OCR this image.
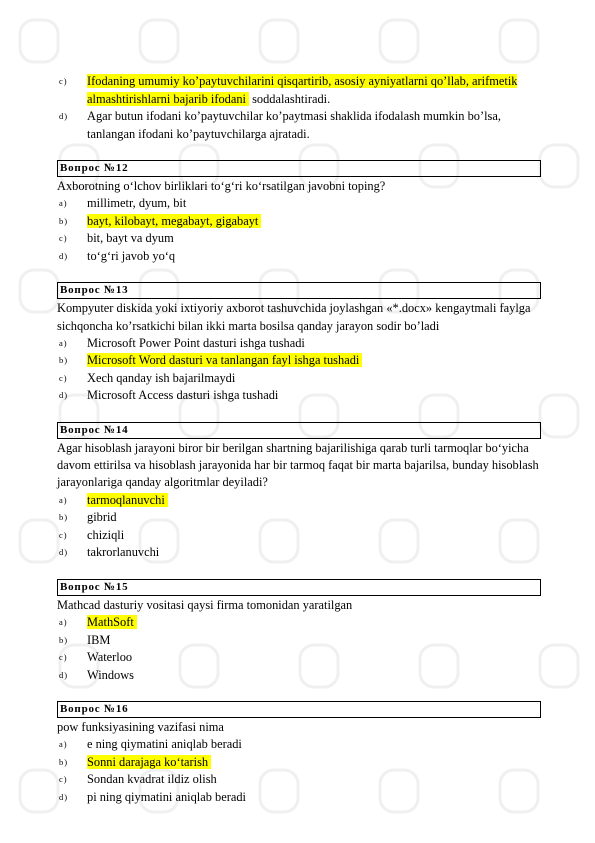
c) Ifodaning umumiy ko’paytuvchilarini qisqartirib, asosiy ayniyatlarni qo’llab, arifmetik almashtirishlarni bajarib ifodani soddalashtiradi.
d) Agar butun ifodani ko’paytuvchilar ko’paytmasi shaklida ifodalash mumkin bo’lsa, tanlangan ifodani ko’paytuvchilarga ajratadi.
Вопрос №12
Axborotning o‘lchov birliklari to‘g‘ri ko‘rsatilgan javobni toping?
a) millimetr, dyum, bit
b) bayt, kilobayt, megabayt, gigabayt
c) bit, bayt va dyum
d) to‘g‘ri javob yo‘q
Вопрос №13
Kompyuter diskida yoki ixtiyoriy axborot tashuvchida joylashgan «*.docx» kengaytmali faylga sichqoncha ko’rsatkichi bilan ikki marta bosilsa qanday jarayon sodir bo’ladi
a) Microsoft Power Point dasturi ishga tushadi
b) Microsoft Word dasturi va tanlangan fayl ishga tushadi
c) Xech qanday ish bajarilmaydi
d) Microsoft Access dasturi ishga tushadi
Вопрос №14
Agar hisoblash jarayoni biror bir berilgan shartning bajarilishiga qarab turli tarmoqlar bo‘yicha davom ettirilsa va hisoblash jarayonida har bir tarmoq faqat bir marta bajarilsa, bunday hisoblash jarayonlariga qanday algoritmlar deyiladi?
a) tarmoqlanuvchi
b) gibrid
c) chiziqli
d) takrorlanuvchi
Вопрос №15
Mathcad dasturiy vositasi qaysi firma tomonidan yaratilgan
a) MathSoft
b) IBM
c) Waterloo
d) Windows
Вопрос №16
pow funksiyasining vazifasi nima
a) e ning qiymatini aniqlab beradi
b) Sonni darajaga ko‘tarish
c) Sondan kvadrat ildiz olish
d) pi ning qiymatini aniqlab beradi
